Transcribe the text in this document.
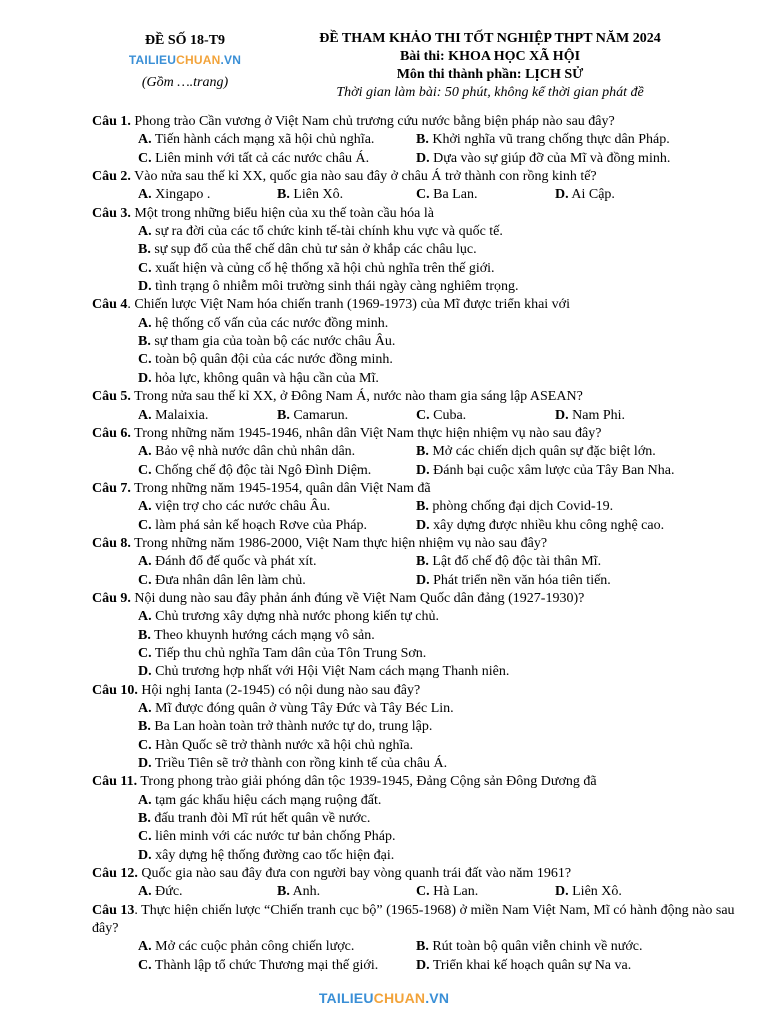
ĐỀ SỐ 18-T9
TAILIEUCHUAN.VN
(Gồm ….trang)
ĐỀ THAM KHẢO THI TỐT NGHIỆP THPT NĂM 2024
Bài thi: KHOA HỌC XÃ HỘI
Môn thi thành phần: LỊCH SỬ
Thời gian làm bài: 50 phút, không kể thời gian phát đề
Câu 1. Phong trào Cần vương ở Việt Nam chủ trương cứu nước bằng biện pháp nào sau đây?
A. Tiến hành cách mạng xã hội chủ nghĩa.	B. Khởi nghĩa vũ trang chống thực dân Pháp.
C. Liên minh với tất cả các nước châu Á.	D. Dựa vào sự giúp đỡ của Mĩ và đồng minh.
Câu 2. Vào nửa sau thế kỉ XX, quốc gia nào sau đây ở châu Á trở thành con rồng kinh tế?
A. Xingapo .	B. Liên Xô.	C. Ba Lan.	D. Ai Cập.
Câu 3. Một trong những biểu hiện của xu thế toàn cầu hóa là
A. sự ra đời của các tổ chức kinh tế-tài chính khu vực và quốc tế.
B. sự sụp đổ của thể chế dân chủ tư sản ở khắp các châu lục.
C. xuất hiện và củng cố hệ thống xã hội chủ nghĩa trên thế giới.
D. tình trạng ô nhiễm môi trường sinh thái ngày càng nghiêm trọng.
Câu 4. Chiến lược Việt Nam hóa chiến tranh (1969-1973) của Mĩ được triển khai với
A. hệ thống cố vấn của các nước đồng minh.
B. sự tham gia của toàn bộ các nước châu Âu.
C. toàn bộ quân đội của các nước đồng minh.
D. hỏa lực, không quân và hậu cần của Mĩ.
Câu 5. Trong nửa sau thế kỉ XX, ở Đông Nam Á, nước nào tham gia sáng lập ASEAN?
A. Malaixia.	B. Camarun.	C. Cuba.	D. Nam Phi.
Câu 6. Trong những năm 1945-1946, nhân dân Việt Nam thực hiện nhiệm vụ nào sau đây?
A. Bảo vệ nhà nước dân chủ nhân dân.	B. Mở các chiến dịch quân sự đặc biệt lớn.
C. Chống chế độ độc tài Ngô Đình Diệm.	D. Đánh bại cuộc xâm lược của Tây Ban Nha.
Câu 7. Trong những năm 1945-1954, quân dân Việt Nam đã
A. viện trợ cho các nước châu Âu.	B. phòng chống đại dịch Covid-19.
C. làm phá sản kế hoạch Rơve của Pháp.	D. xây dựng được nhiều khu công nghệ cao.
Câu 8. Trong những năm 1986-2000, Việt Nam thực hiện nhiệm vụ nào sau đây?
A. Đánh đổ đế quốc và phát xít.	B. Lật đổ chế độ độc tài thân Mĩ.
C. Đưa nhân dân lên làm chủ.	D. Phát triển nền văn hóa tiên tiến.
Câu 9. Nội dung nào sau đây phản ánh đúng về Việt Nam Quốc dân đảng (1927-1930)?
A. Chủ trương xây dựng nhà nước phong kiến tự chủ.
B. Theo khuynh hướng cách mạng vô sản.
C. Tiếp thu chủ nghĩa Tam dân của Tôn Trung Sơn.
D. Chủ trương hợp nhất với Hội Việt Nam cách mạng Thanh niên.
Câu 10. Hội nghị Ianta (2-1945) có nội dung nào sau đây?
A. Mĩ được đóng quân ở vùng Tây Đức và Tây Béc Lin.
B. Ba Lan hoàn toàn trở thành nước tự do, trung lập.
C. Hàn Quốc sẽ trở thành nước xã hội chủ nghĩa.
D. Triều Tiên sẽ trở thành con rồng kinh tế của châu Á.
Câu 11. Trong phong trào giải phóng dân tộc 1939-1945, Đảng Cộng sản Đông Dương đã
A. tạm gác khẩu hiệu cách mạng ruộng đất.
B. đấu tranh đòi Mĩ rút hết quân về nước.
C. liên minh với các nước tư bản chống Pháp.
D. xây dựng hệ thống đường cao tốc hiện đại.
Câu 12. Quốc gia nào sau đây đưa con người bay vòng quanh trái đất vào năm 1961?
A. Đức.	B. Anh.	C. Hà Lan.	D. Liên Xô.
Câu 13. Thực hiện chiến lược “Chiến tranh cục bộ” (1965-1968) ở miền Nam Việt Nam, Mĩ có hành động nào sau đây?
A. Mở các cuộc phản công chiến lược.	B. Rút toàn bộ quân viễn chinh về nước.
C. Thành lập tổ chức Thương mại thế giới.	D. Triển khai kế hoạch quân sự Na va.
TAILIEUCHUAN.VN
